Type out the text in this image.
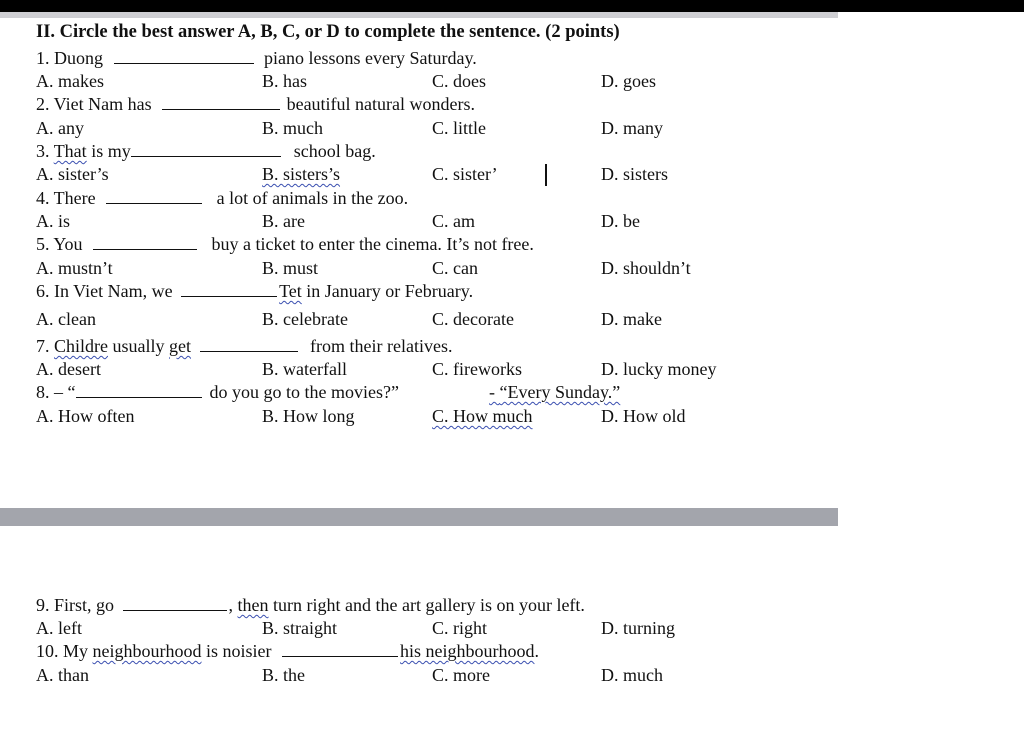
II. Circle the best answer A, B, C, or D to complete the sentence. (2 points)
1. Duong	piano lessons every Saturday.
A. makes	B. has	C. does	D. goes
2. Viet Nam has	beautiful natural wonders.
A. any	B. much	C. little	D. many
3. That is my	school bag.
A. sister’s	B. sisters’s	C. sister’	D. sisters
4. There	a lot of animals in the zoo.
A. is	B. are	C. am	D. be
5. You	buy a ticket to enter the cinema. It’s not free.
A. mustn’t	B. must	C. can	D. shouldn’t
6. In Viet Nam, we	Tet in January or February.
A. clean	B. celebrate	C. decorate	D. make
7. Childre usually get	from their relatives.
A. desert	B. waterfall	C. fireworks	D. lucky money
8. – “	do you go to the movies?”	- “Every Sunday.”
A. How often	B. How long	C. How much	D. How old
9. First, go	, then turn right and the art gallery is on your left.
A. left	B. straight	C. right	D. turning
10. My neighbourhood is noisier	his neighbourhood.
A. than	B. the	C. more	D. much
